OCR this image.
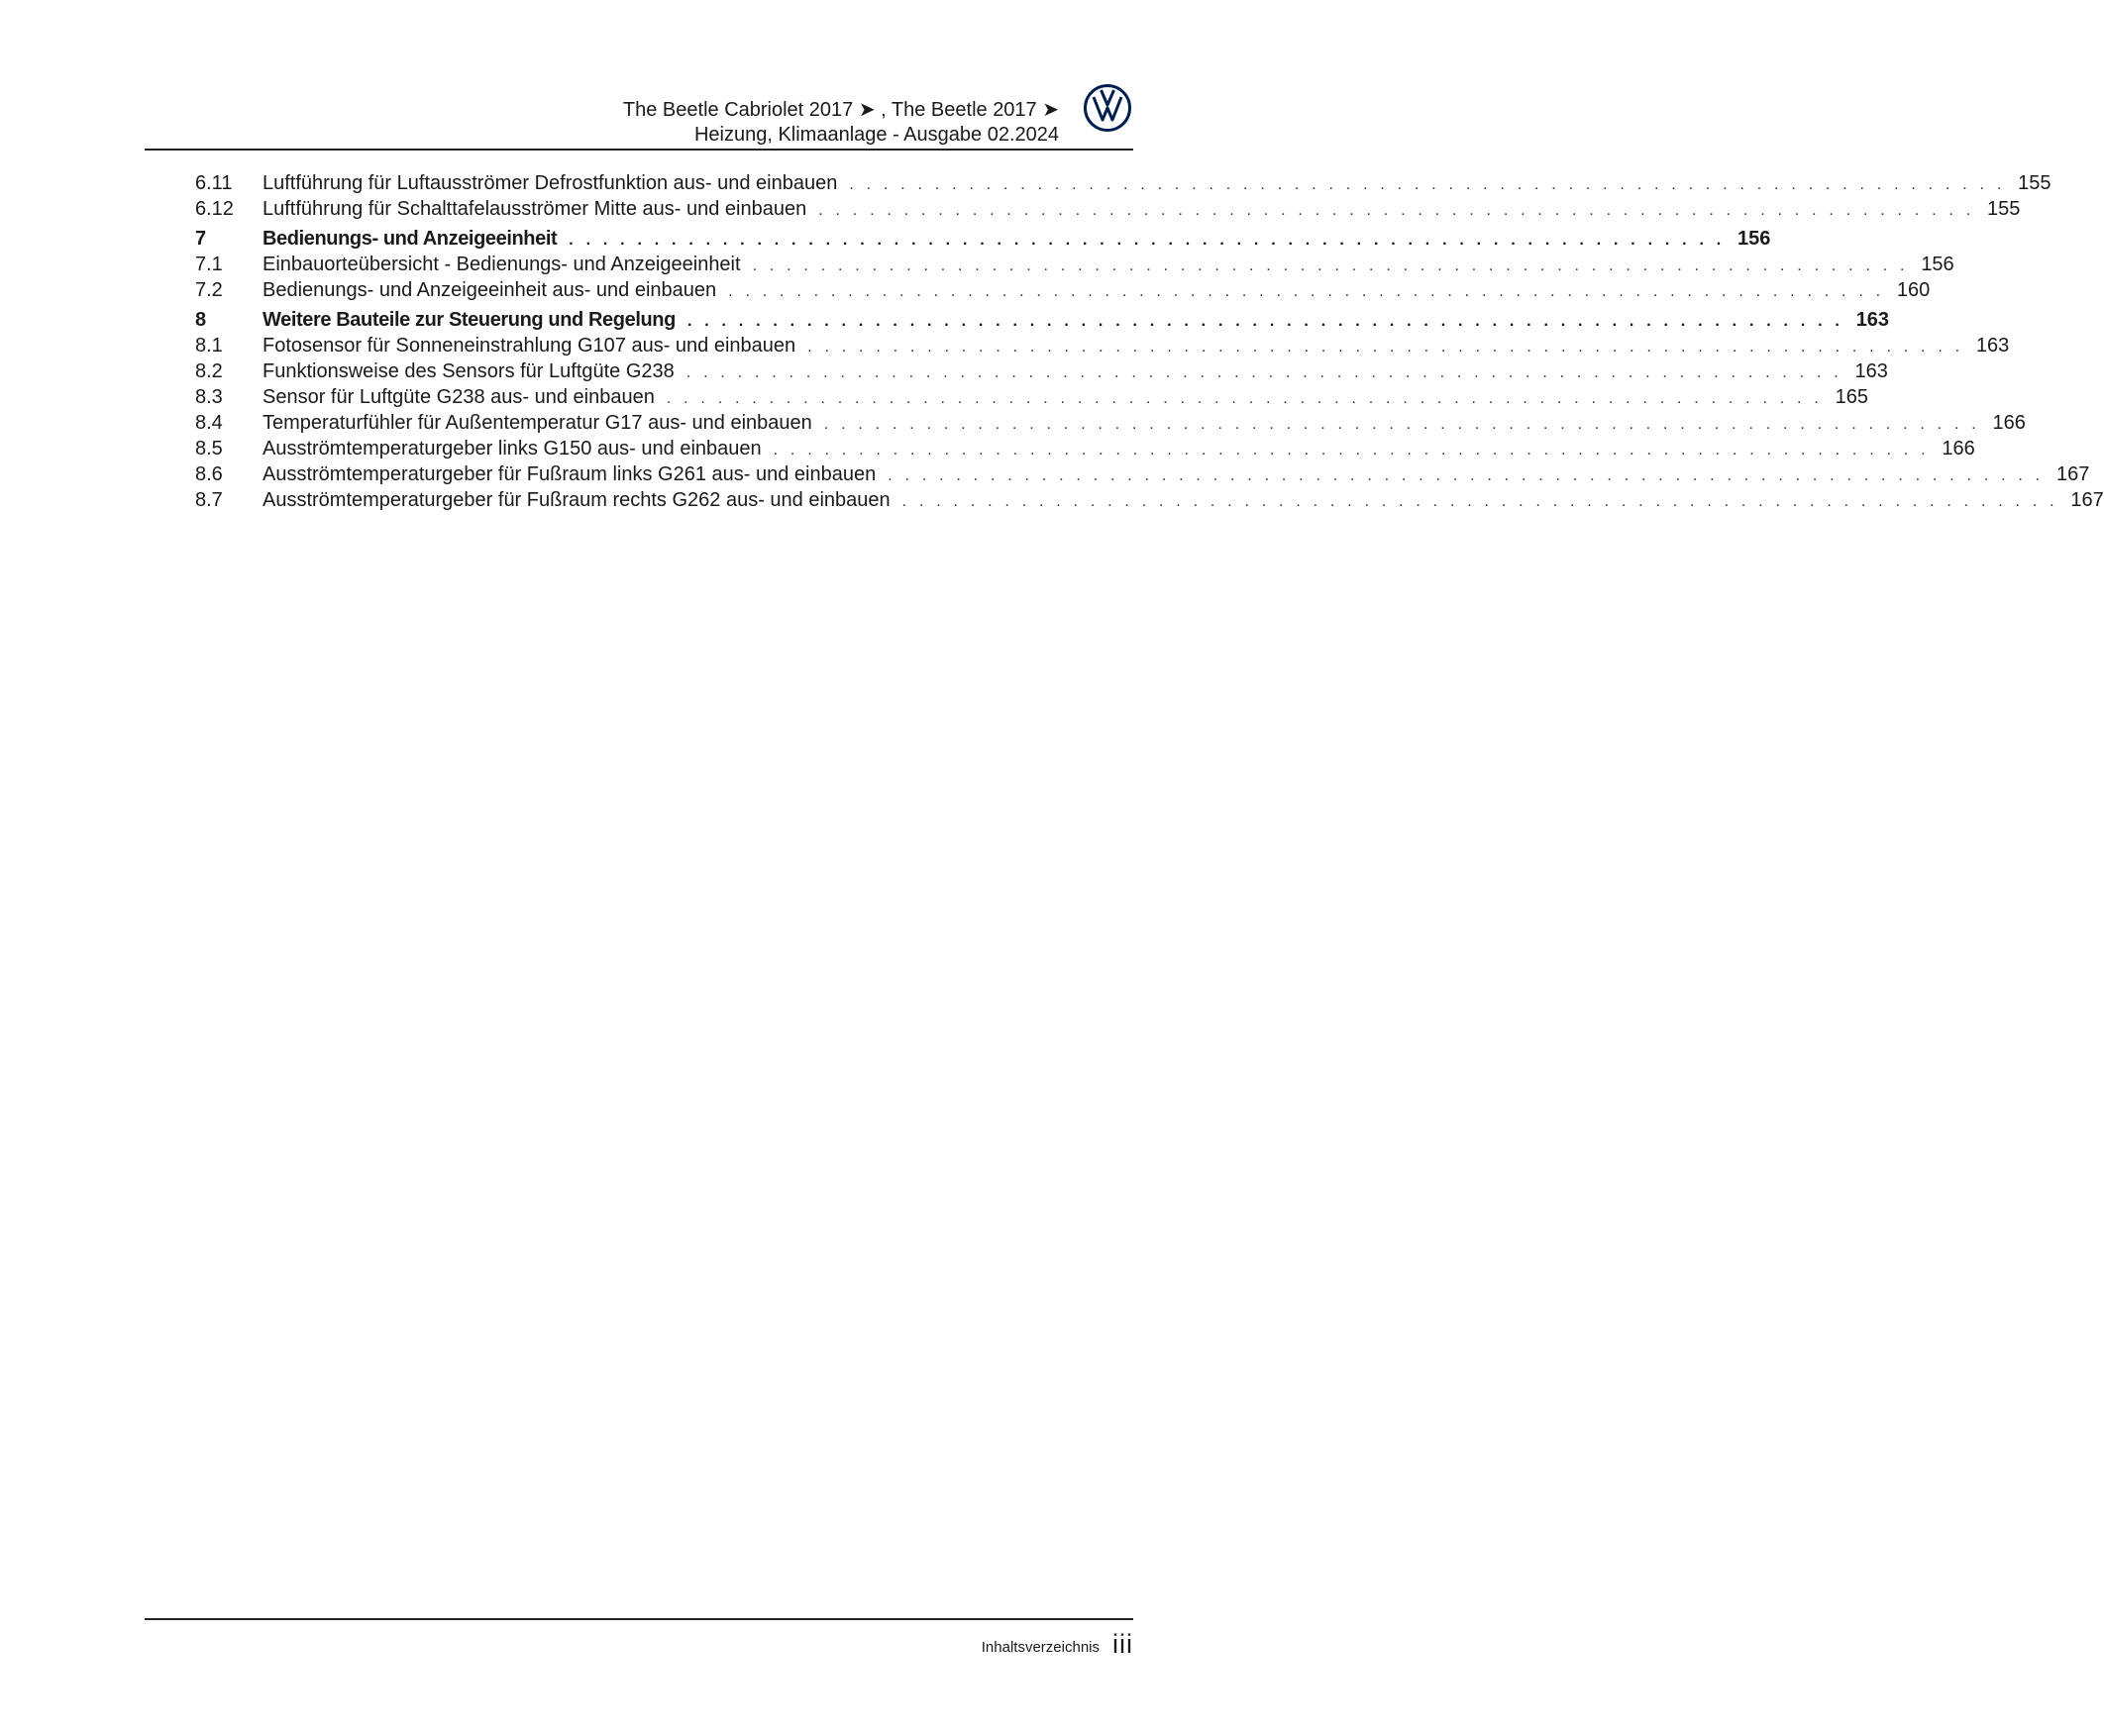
The Beetle Cabriolet 2017 ➤ , The Beetle 2017 ➤
Heizung, Klimaanlage - Ausgabe 02.2024
6.11	Luftführung für Luftausströmer Defrostfunktion aus- und einbauen . . . . . . . . . . . . . . . . . . . . . . . . . . . . . . . . . . . . . . . . . . . . . . . . . . . . . . . . . . . . . . . . . . . . 155
6.12	Luftführung für Schalttafelausströmer Mitte aus- und einbauen . . . . . . . . . . . . . . . . . . . . . . . . . . . . . . . . . . . . . . . . . . . . . . . . . . . . . . . . . . . . . . . . . . . . 155
7	Bedienungs- und Anzeigeeinheit . . . . . . . . . . . . . . . . . . . . . . . . . . . . . . . . . . . . . . . . . . . . . . . . . . . . . . . . . . . . . . . . . . . . 156
7.1	Einbauorteübersicht - Bedienungs- und Anzeigeeinheit . . . . . . . . . . . . . . . . . . . . . . . . . . . . . . . . . . . . . . . . . . . . . . . . . . . . . . . . . . . . . . . . . . . . 156
7.2	Bedienungs- und Anzeigeeinheit aus- und einbauen . . . . . . . . . . . . . . . . . . . . . . . . . . . . . . . . . . . . . . . . . . . . . . . . . . . . . . . . . . . . . . . . . . . . 160
8	Weitere Bauteile zur Steuerung und Regelung . . . . . . . . . . . . . . . . . . . . . . . . . . . . . . . . . . . . . . . . . . . . . . . . . . . . . . . . . . . . . . . . . . . . 163
8.1	Fotosensor für Sonneneinstrahlung G107 aus- und einbauen . . . . . . . . . . . . . . . . . . . . . . . . . . . . . . . . . . . . . . . . . . . . . . . . . . . . . . . . . . . . . . . . . . . . 163
8.2	Funktionsweise des Sensors für Luftgüte G238 . . . . . . . . . . . . . . . . . . . . . . . . . . . . . . . . . . . . . . . . . . . . . . . . . . . . . . . . . . . . . . . . . . . . 163
8.3	Sensor für Luftgüte G238 aus- und einbauen . . . . . . . . . . . . . . . . . . . . . . . . . . . . . . . . . . . . . . . . . . . . . . . . . . . . . . . . . . . . . . . . . . . . 165
8.4	Temperaturfühler für Außentemperatur G17 aus- und einbauen . . . . . . . . . . . . . . . . . . . . . . . . . . . . . . . . . . . . . . . . . . . . . . . . . . . . . . . . . . . . . . . . . . . . 166
8.5	Ausströmtemperaturgeber links G150 aus- und einbauen . . . . . . . . . . . . . . . . . . . . . . . . . . . . . . . . . . . . . . . . . . . . . . . . . . . . . . . . . . . . . . . . . . . . 166
8.6	Ausströmtemperaturgeber für Fußraum links G261 aus- und einbauen . . . . . . . . . . . . . . . . . . . . . . . . . . . . . . . . . . . . . . . . . . . . . . . . . . . . . . . . . . . . . . . . . . . . 167
8.7	Ausströmtemperaturgeber für Fußraum rechts G262 aus- und einbauen . . . . . . . . . . . . . . . . . . . . . . . . . . . . . . . . . . . . . . . . . . . . . . . . . . . . . . . . . . . . . . . . . . . . 167
Inhaltsverzeichnis iii
